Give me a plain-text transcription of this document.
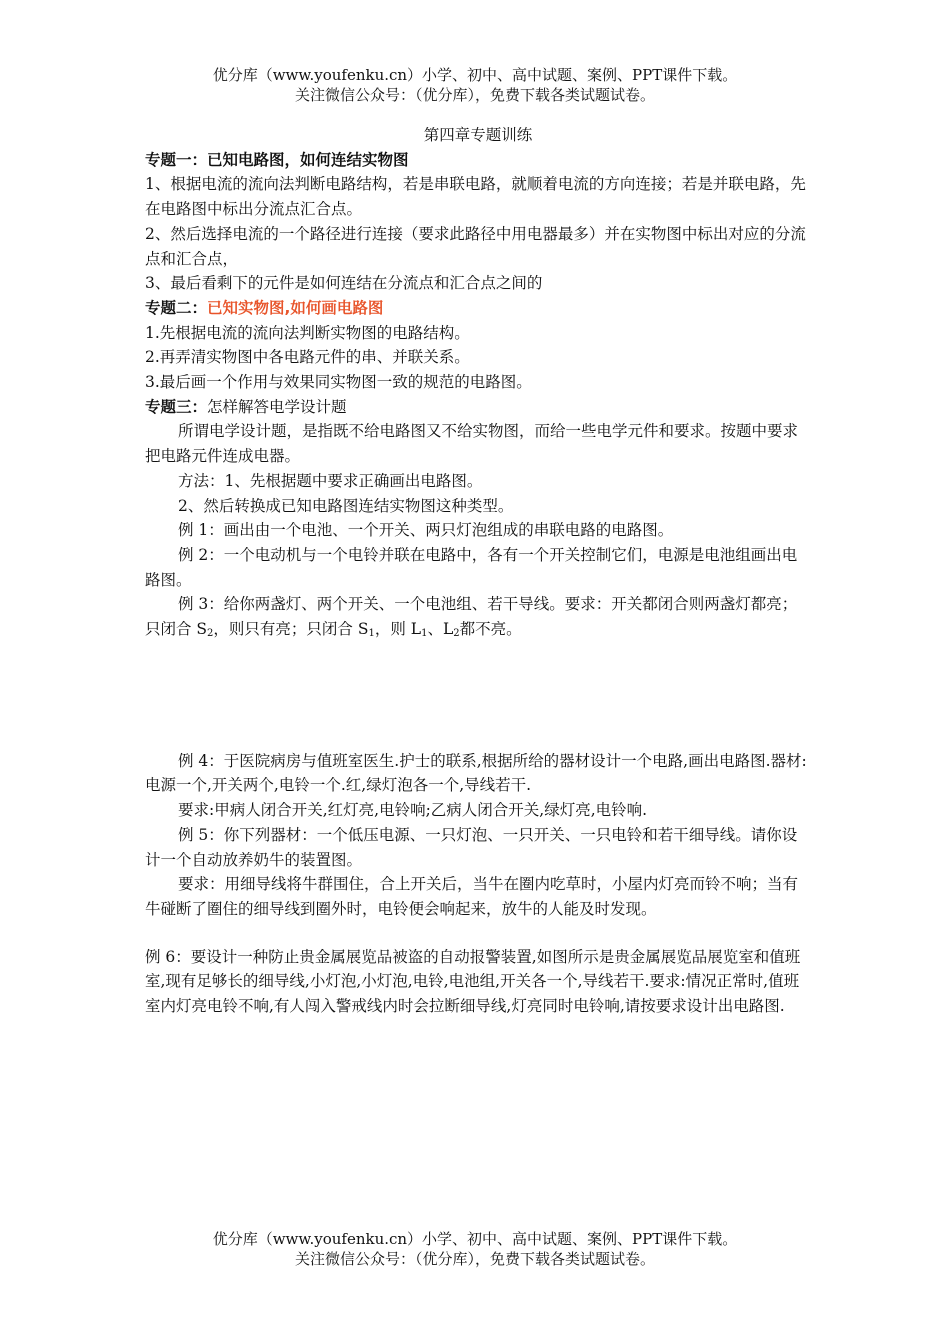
优分库（www.youfenku.cn）小学、初中、高中试题、案例、PPT课件下载。
关注微信公众号：（优分库），免费下载各类试题试卷。

第四章专题训练

专题一：已知电路图，如何连结实物图

1、根据电流的流向法判断电路结构，若是串联电路，就顺着电流的方向连接；若是并联电路，先在电路图中标出分流点汇合点。

2、然后选择电流的一个路径进行连接（要求此路径中用电器最多）并在实物图中标出对应的分流点和汇合点，

3、最后看剩下的元件是如何连结在分流点和汇合点之间的

专题二：已知实物图,如何画电路图

1.先根据电流的流向法判断实物图的电路结构。

2.再弄清实物图中各电路元件的串、并联关系。

3.最后画一个作用与效果同实物图一致的规范的电路图。

专题三：怎样解答电学设计题

所谓电学设计题，是指既不给电路图又不给实物图，而给一些电学元件和要求。按题中要求把电路元件连成电器。

方法：1、先根据题中要求正确画出电路图。

2、然后转换成已知电路图连结实物图这种类型。

例 1：画出由一个电池、一个开关、两只灯泡组成的串联电路的电路图。

例 2：一个电动机与一个电铃并联在电路中，各有一个开关控制它们，电源是电池组画出电路图。

例 3：给你两盏灯、两个开关、一个电池组、若干导线。要求：开关都闭合则两盏灯都亮；只闭合 $S_2$，则只有亮；只闭合 $S_1$，则 $L_1$、$L_2$都不亮。

例 4：于医院病房与值班室医生.护士的联系,根据所给的器材设计一个电路,画出电路图.器材:电源一个,开关两个,电铃一个.红,绿灯泡各一个,导线若干.

要求:甲病人闭合开关,红灯亮,电铃响;乙病人闭合开关,绿灯亮,电铃响.

例 5：你下列器材：一个低压电源、一只灯泡、一只开关、一只电铃和若干细导线。请你设计一个自动放养奶牛的装置图。

要求：用细导线将牛群围住，合上开关后，当牛在圈内吃草时，小屋内灯亮而铃不响；当有牛碰断了圈住的细导线到圈外时，电铃便会响起来，放牛的人能及时发现。

例 6：要设计一种防止贵金属展览品被盗的自动报警装置,如图所示是贵金属展览品展览室和值班室,现有足够长的细导线,小灯泡,小灯泡,电铃,电池组,开关各一个,导线若干.要求:情况正常时,值班室内灯亮电铃不响,有人闯入警戒线内时会拉断细导线,灯亮同时电铃响,请按要求设计出电路图.

优分库（www.youfenku.cn）小学、初中、高中试题、案例、PPT课件下载。
关注微信公众号：（优分库），免费下载各类试题试卷。
